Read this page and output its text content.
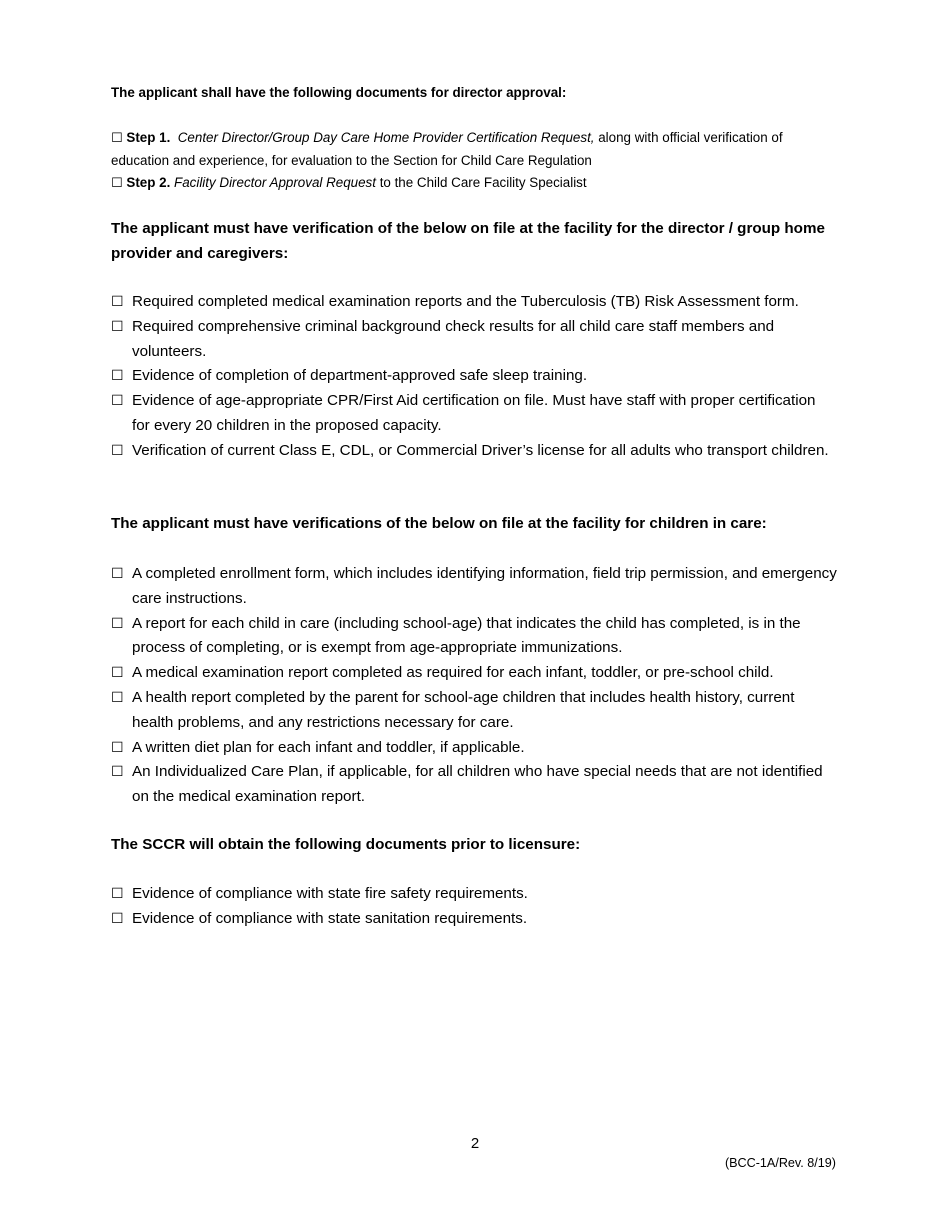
The applicant shall have the following documents for director approval:
☐ Step 1. Center Director/Group Day Care Home Provider Certification Request, along with official verification of education and experience, for evaluation to the Section for Child Care Regulation
☐ Step 2. Facility Director Approval Request to the Child Care Facility Specialist
The applicant must have verification of the below on file at the facility for the director / group home provider and caregivers:
☐ Required completed medical examination reports and the Tuberculosis (TB) Risk Assessment form.
☐ Required comprehensive criminal background check results for all child care staff members and volunteers.
☐ Evidence of completion of department-approved safe sleep training.
☐ Evidence of age-appropriate CPR/First Aid certification on file. Must have staff with proper certification for every 20 children in the proposed capacity.
☐ Verification of current Class E, CDL, or Commercial Driver’s license for all adults who transport children.
The applicant must have verifications of the below on file at the facility for children in care:
☐ A completed enrollment form, which includes identifying information, field trip permission, and emergency care instructions.
☐ A report for each child in care (including school-age) that indicates the child has completed, is in the process of completing, or is exempt from age-appropriate immunizations.
☐ A medical examination report completed as required for each infant, toddler, or pre-school child.
☐ A health report completed by the parent for school-age children that includes health history, current health problems, and any restrictions necessary for care.
☐ A written diet plan for each infant and toddler, if applicable.
☐ An Individualized Care Plan, if applicable, for all children who have special needs that are not identified on the medical examination report.
The SCCR will obtain the following documents prior to licensure:
☐ Evidence of compliance with state fire safety requirements.
☐ Evidence of compliance with state sanitation requirements.
2
(BCC-1A/Rev. 8/19)
